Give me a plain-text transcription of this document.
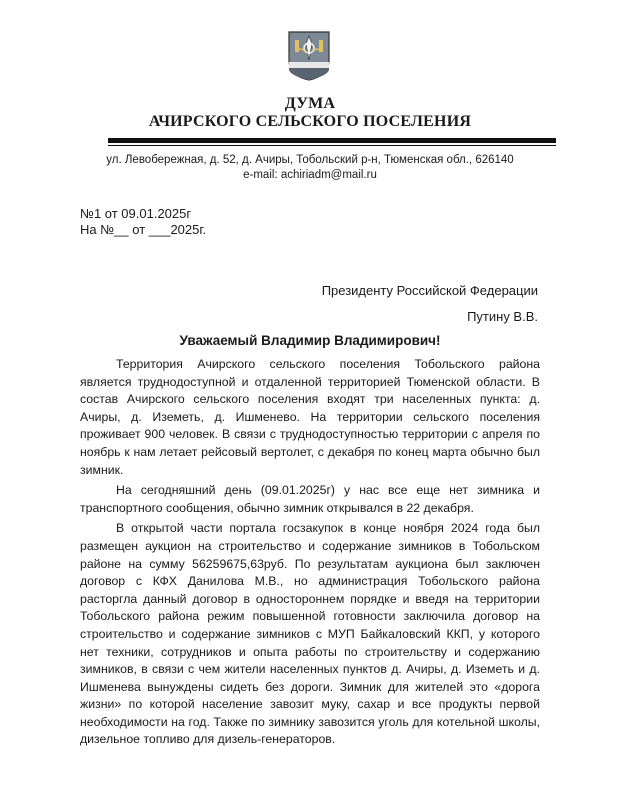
ДУМА
АЧИРСКОГО СЕЛЬСКОГО ПОСЕЛЕНИЯ
ул. Левобережная, д. 52, д. Ачиры, Тобольский р-н, Тюменская обл., 626140
e-mail: achiriadm@mail.ru
№1 от 09.01.2025г
На №__ от ___2025г.
Президенту Российской Федерации
Путину В.В.
Уважаемый Владимир Владимирович!

Территория Ачирского сельского поселения Тобольского района является труднодоступной и отдаленной территорией Тюменской области. В состав Ачирского сельского поселения входят три населенных пункта: д. Ачиры, д. Иземеть, д. Ишменево. На территории сельского поселения проживает 900 человек. В связи с труднодоступностью территории с апреля по ноябрь к нам летает рейсовый вертолет, с декабря по конец марта обычно был зимник.

На сегодняшний день (09.01.2025г) у нас все еще нет зимника и транспортного сообщения, обычно зимник открывался в 22 декабря.

В открытой части портала госзакупок в конце ноября 2024 года был размещен аукцион на строительство и содержание зимников в Тобольском районе на сумму 56259675,63руб. По результатам аукциона был заключен договор с КФХ Данилова М.В., но администрация Тобольского района расторгла данный договор в одностороннем порядке и введя на территории Тобольского района режим повышенной готовности заключила договор на строительство и содержание зимников с МУП Байкаловский ККП, у которого нет техники, сотрудников и опыта работы по строительству и содержанию зимников, в связи с чем жители населенных пунктов д. Ачиры, д. Иземеть и д. Ишменева вынуждены сидеть без дороги. Зимник для жителей это «дорога жизни» по которой население завозит муку, сахар и все продукты первой необходимости на год. Также по зимнику завозится уголь для котельной школы, дизельное топливо для дизель-генераторов.
